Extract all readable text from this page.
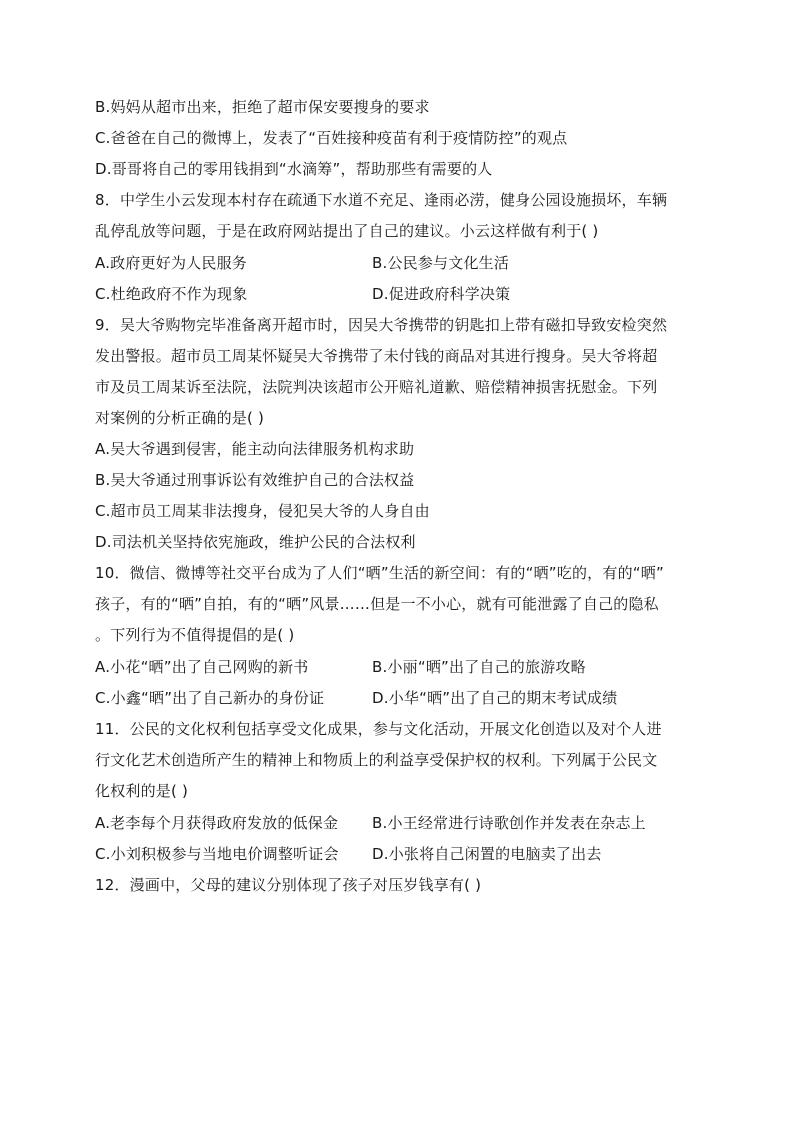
B.妈妈从超市出来，拒绝了超市保安要搜身的要求
C.爸爸在自己的微博上，发表了“百姓接种疫苗有利于疫情防控”的观点
D.哥哥将自己的零用钱捐到“水滴筹”，帮助那些有需要的人
8．中学生小云发现本村存在疏通下水道不充足、逢雨必涝，健身公园设施损坏，车辆
乱停乱放等问题，于是在政府网站提出了自己的建议。小云这样做有利于( )
A.政府更好为人民服务	B.公民参与文化生活
C.杜绝政府不作为现象	D.促进政府科学决策
9．吴大爷购物完毕准备离开超市时，因吴大爷携带的钥匙扣上带有磁扣导致安检突然
发出警报。超市员工周某怀疑吴大爷携带了未付钱的商品对其进行搜身。吴大爷将超
市及员工周某诉至法院，法院判决该超市公开赔礼道歉、赔偿精神损害抚慰金。下列
对案例的分析正确的是( )
A.吴大爷遇到侵害，能主动向法律服务机构求助
B.吴大爷通过刑事诉讼有效维护自己的合法权益
C.超市员工周某非法搜身，侵犯吴大爷的人身自由
D.司法机关坚持依宪施政，维护公民的合法权利
10．微信、微博等社交平台成为了人们“晒”生活的新空间：有的“晒”吃的，有的“晒”
孩子，有的“晒”自拍，有的“晒”风景……但是一不小心，就有可能泄露了自己的隐私
。下列行为不值得提倡的是( )
A.小花“晒”出了自己网购的新书	B.小丽“晒”出了自己的旅游攻略
C.小鑫“晒”出了自己新办的身份证	D.小华“晒”出了自己的期末考试成绩
11．公民的文化权利包括享受文化成果，参与文化活动，开展文化创造以及对个人进
行文化艺术创造所产生的精神上和物质上的利益享受保护权的权利。下列属于公民文
化权利的是( )
A.老李每个月获得政府发放的低保金 B.小王经常进行诗歌创作并发表在杂志上
C.小刘积极参与当地电价调整听证会 D.小张将自己闲置的电脑卖了出去
12．漫画中，父母的建议分别体现了孩子对压岁钱享有( )
